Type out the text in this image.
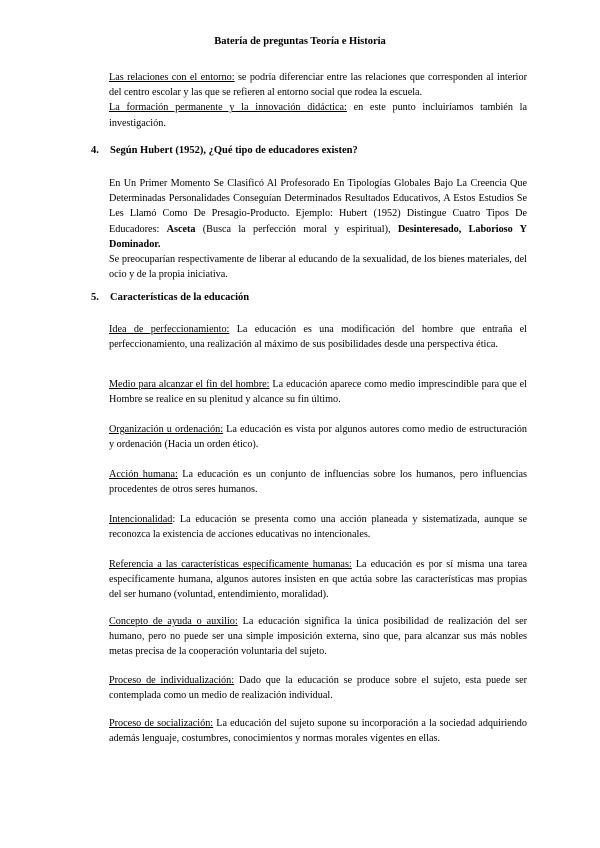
Batería de preguntas Teoría e Historia

Las relaciones con el entorno: se podría diferenciar entre las relaciones que corresponden al interior del centro escolar y las que se refieren al entorno social que rodea la escuela.

La formación permanente y la innovación didáctica: en este punto incluiríamos también la investigación.

4. Según Hubert (1952), ¿Qué tipo de educadores existen?

En Un Primer Momento Se Clasificó Al Profesorado En Tipologías Globales Bajo La Creencia Que Determinadas Personalidades Conseguían Determinados Resultados Educativos, A Estos Estudios Se Les Llamó Como De Presagio-Producto. Ejemplo: Hubert (1952) Distingue Cuatro Tipos De Educadores: Asceta (Busca la perfección moral y espiritual), Desinteresado, Laborioso Y Dominador.

Se preocuparían respectivamente de liberar al educando de la sexualidad, de los bienes materiales, del ocio y de la propia iniciativa.

5. Características de la educación
Idea de perfeccionamiento: La educación es una modificación del hombre que entraña el perfeccionamiento, una realización al máximo de sus posibilidades desde una perspectiva ética.
Medio para alcanzar el fin del hombre: La educación aparece como medio imprescindible para que el Hombre se realice en su plenitud y alcance su fin último.
Organización u ordenación: La educación es vista por algunos autores como medio de estructuración y ordenación (Hacia un orden ético).
Acción humana: La educación es un conjunto de influencias sobre los humanos, pero influencias procedentes de otros seres humanos.
Intencionalidad: La educación se presenta como una acción planeada y sistematizada, aunque se reconozca la existencia de acciones educativas no intencionales.
Referencia a las características específicamente humanas: La educación es por sí misma una tarea específicamente humana, algunos autores insisten en que actúa sobre las características mas propias del ser humano (voluntad, entendimiento, moralidad).
Concepto de ayuda o auxilio: La educación significa la única posibilidad de realización del ser humano, pero no puede ser una simple imposición externa, sino que, para alcanzar sus más nobles metas precisa de la cooperación voluntaria del sujeto.
Proceso de individualización: Dado que la educación se produce sobre el sujeto, esta puede ser contemplada como un medio de realización individual.
Proceso de socialización: La educación del sujeto supone su incorporación a la sociedad adquiriendo además lenguaje, costumbres, conocimientos y normas morales vigentes en ellas.
